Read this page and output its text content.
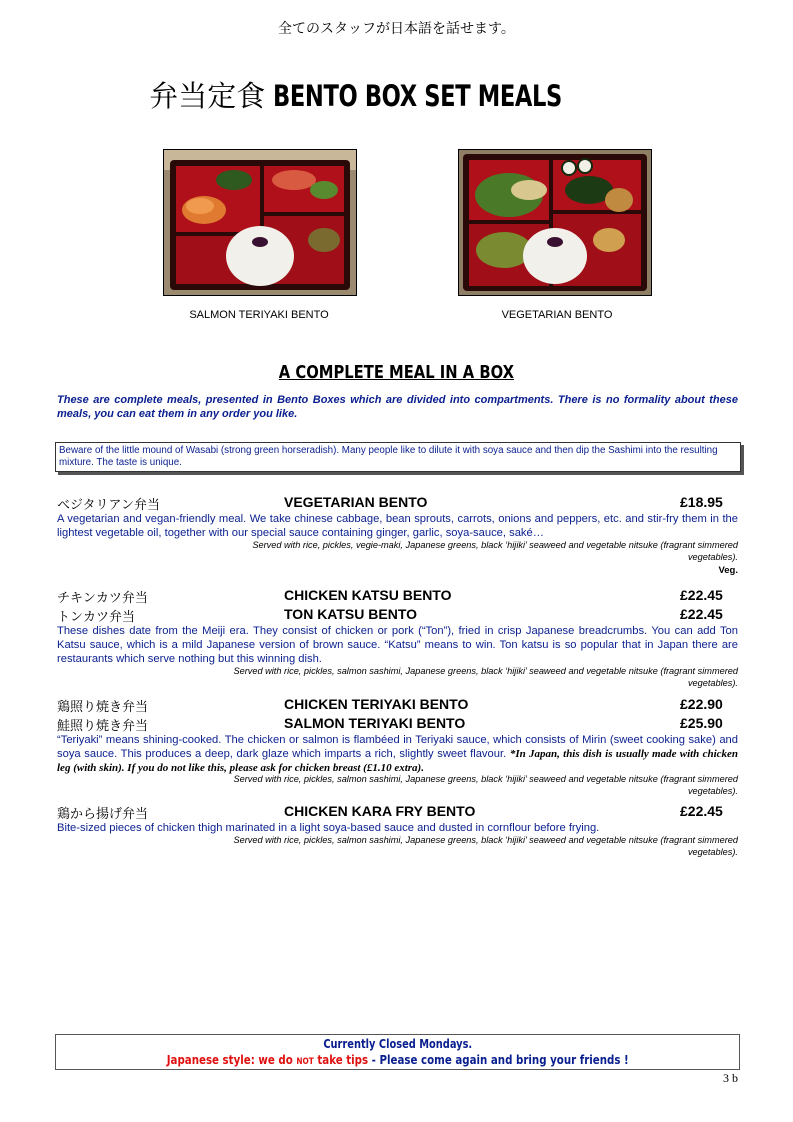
全てのスタッフが日本語を話せます。
弁当定食 BENTO BOX SET MEALS
SALMON TERIYAKI BENTO	VEGETARIAN BENTO
A COMPLETE MEAL IN A BOX
These are complete meals, presented in Bento Boxes which are divided into compartments. There is no formality about these meals, you can eat them in any order you like.
Beware of the little mound of Wasabi (strong green horseradish). Many people like to dilute it with soya sauce and then dip the Sashimi into the resulting mixture. The taste is unique.
ベジタリアン弁当	VEGETARIAN BENTO	£18.95
A vegetarian and vegan-friendly meal. We take chinese cabbage, bean sprouts, carrots, onions and peppers, etc. and stir-fry them in the lightest vegetable oil, together with our special sauce containing ginger, garlic, soya-sauce, saké…
Served with rice, pickles, vegie-maki, Japanese greens, black ‘hijiki’ seaweed and vegetable nitsuke (fragrant simmered vegetables).
Veg.
チキンカツ弁当	CHICKEN KATSU BENTO	£22.45
トンカツ弁当	TON KATSU BENTO	£22.45
These dishes date from the Meiji era. They consist of chicken or pork (“Ton”), fried in crisp Japanese breadcrumbs. You can add Ton Katsu sauce, which is a mild Japanese version of brown sauce. “Katsu” means to win. Ton katsu is so popular that in Japan there are restaurants which serve nothing but this winning dish.
Served with rice, pickles, salmon sashimi, Japanese greens, black ‘hijiki’ seaweed and vegetable nitsuke (fragrant simmered vegetables).
鶏照り焼き弁当	CHICKEN TERIYAKI BENTO	£22.90
鮭照り焼き弁当	SALMON TERIYAKI BENTO	£25.90
“Teriyaki” means shining-cooked. The chicken or salmon is flambéed in Teriyaki sauce, which consists of Mirin (sweet cooking sake) and soya sauce. This produces a deep, dark glaze which imparts a rich, slightly sweet flavour. *In Japan, this dish is usually made with chicken leg (with skin). If you do not like this, please ask for chicken breast (£1.10 extra).
Served with rice, pickles, salmon sashimi, Japanese greens, black ‘hijiki’ seaweed and vegetable nitsuke (fragrant simmered vegetables).
鶏から揚げ弁当	CHICKEN KARA FRY BENTO	£22.45
Bite-sized pieces of chicken thigh marinated in a light soya-based sauce and dusted in cornflour before frying.
Served with rice, pickles, salmon sashimi, Japanese greens, black ‘hijiki’ seaweed and vegetable nitsuke (fragrant simmered vegetables).
Currently Closed Mondays.
Japanese style: we do NOT take tips - Please come again and bring your friends !
3 b
